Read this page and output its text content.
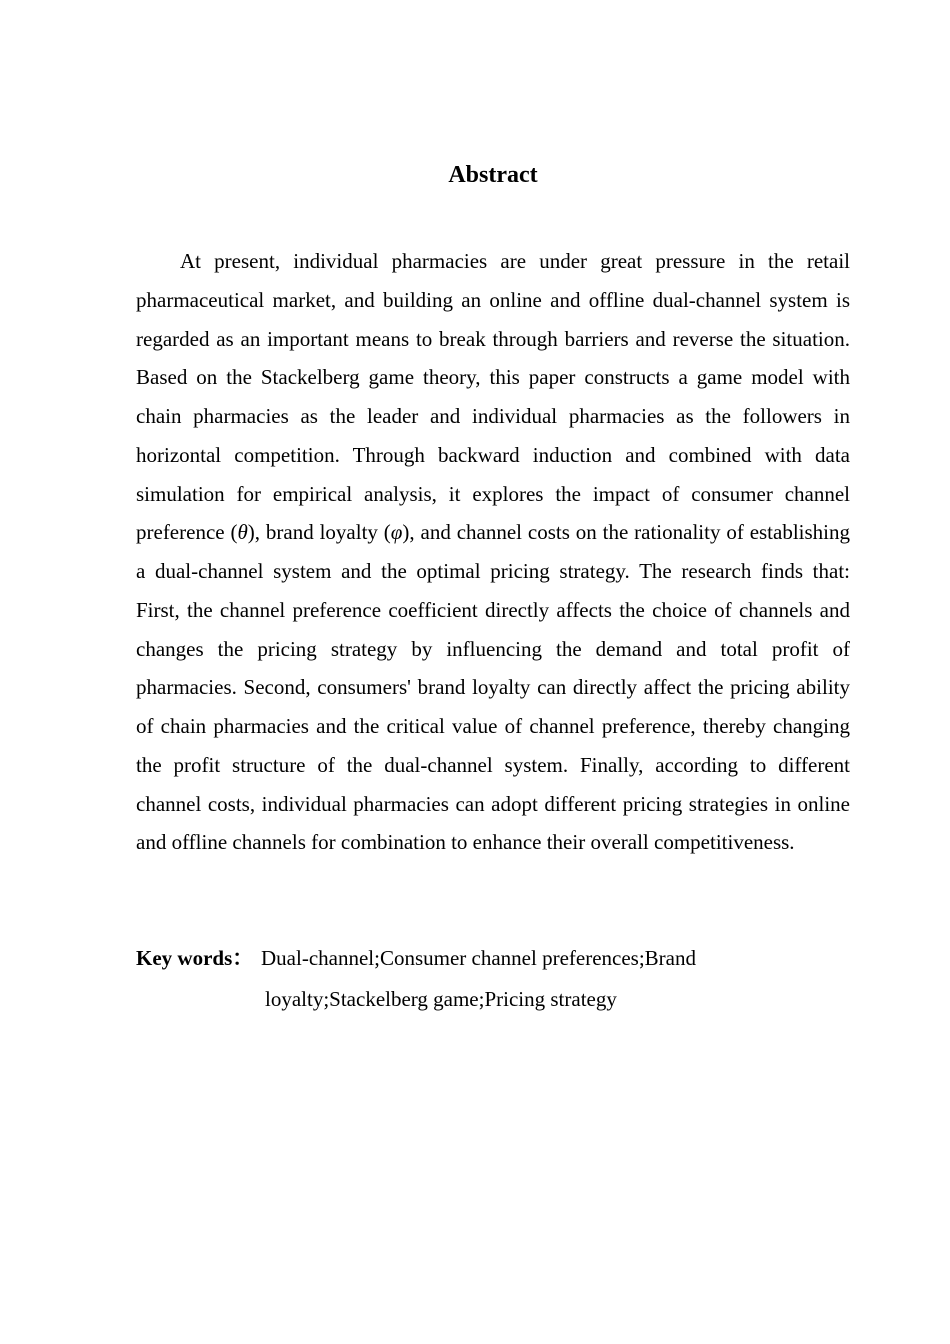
Abstract

At present, individual pharmacies are under great pressure in the retail pharmaceutical market, and building an online and offline dual-channel system is regarded as an important means to break through barriers and reverse the situation. Based on the Stackelberg game theory, this paper constructs a game model with chain pharmacies as the leader and individual pharmacies as the followers in horizontal competition. Through backward induction and combined with data simulation for empirical analysis, it explores the impact of consumer channel preference (θ), brand loyalty (φ), and channel costs on the rationality of establishing a dual-channel system and the optimal pricing strategy. The research finds that: First, the channel preference coefficient directly affects the choice of channels and changes the pricing strategy by influencing the demand and total profit of pharmacies. Second, consumers' brand loyalty can directly affect the pricing ability of chain pharmacies and the critical value of channel preference, thereby changing the profit structure of the dual-channel system. Finally, according to different channel costs, individual pharmacies can adopt different pricing strategies in online and offline channels for combination to enhance their overall competitiveness.

Key words： Dual-channel;Consumer channel preferences;Brand
loyalty;Stackelberg game;Pricing strategy
